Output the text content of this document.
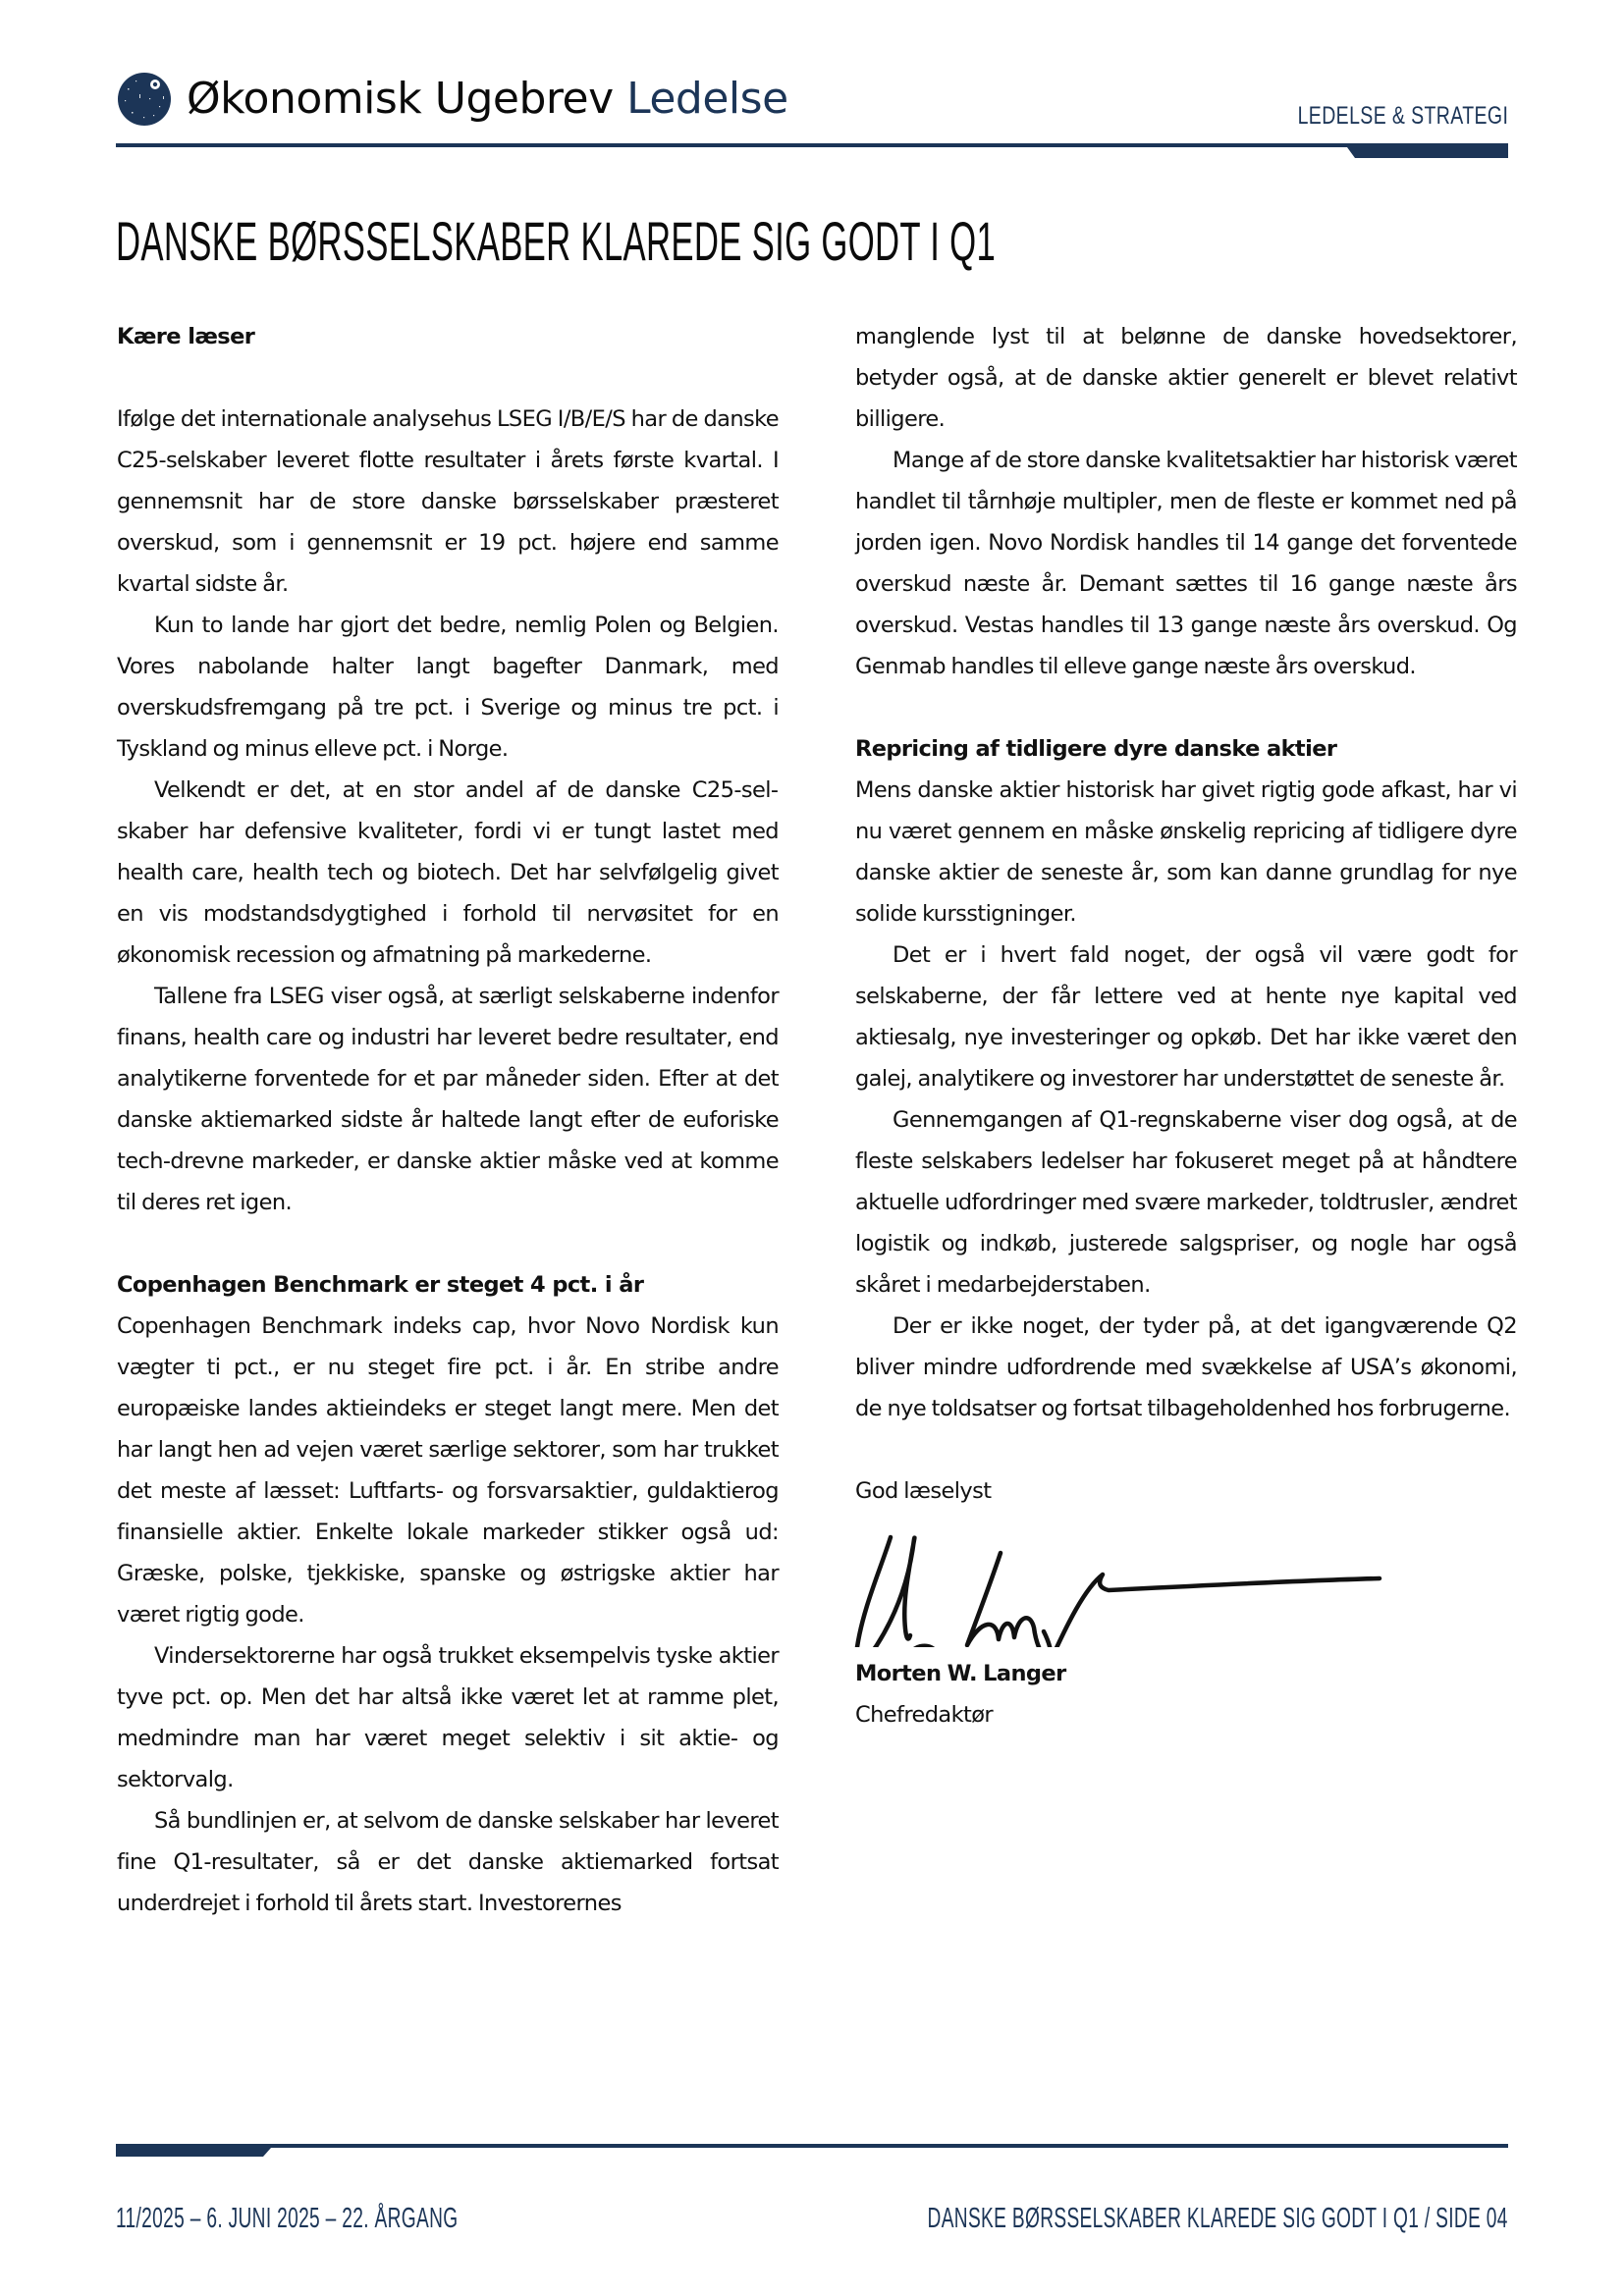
Økonomisk Ugebrev Ledelse	LEDELSE & STRATEGI
DANSKE BØRSSELSKABER KLAREDE SIG GODT I Q1
Kære læser

Ifølge det internationale analysehus LSEG I/B/E/S har de danske C25-selskaber leveret flotte resultater i årets første kvartal. I gennemsnit har de store danske børsselskaber præsteret overskud, som i gennemsnit er 19 pct. højere end samme kvartal sidste år.

Kun to lande har gjort det bedre, nemlig Polen og Belgien. Vores nabolande halter langt bagefter Danmark, med overskudsfremgang på tre pct. i Sverige og minus tre pct. i Tyskland og minus elleve pct. i Norge.

Velkendt er det, at en stor andel af de danske C25-selskaber har defensive kvaliteter, fordi vi er tungt lastet med health care, health tech og biotech. Det har selvfølgelig givet en vis modstandsdygtighed i forhold til nervøsitet for en økonomisk recession og afmatning på markederne.

Tallene fra LSEG viser også, at særligt selskaberne indenfor finans, health care og industri har leveret bedre resultater, end analytikerne forventede for et par måneder siden. Efter at det danske aktiemarked sidste år haltede langt efter de euforiske tech-drevne markeder, er danske aktier måske ved at komme til deres ret igen.

Copenhagen Benchmark er steget 4 pct. i år

Copenhagen Benchmark indeks cap, hvor Novo Nordisk kun vægter ti pct., er nu steget fire pct. i år. En stribe andre europæiske landes aktieindeks er steget langt mere. Men det har langt hen ad vejen været særlige sektorer, som har trukket det meste af læsset: Luftfarts- og forsvarsaktier, guldaktierog finansielle aktier. Enkelte lokale markeder stikker også ud: Græske, polske, tjekkiske, spanske og østrigske aktier har været rigtig gode.

Vindersektorerne har også trukket eksempelvis tyske aktier tyve pct. op. Men det har altså ikke været let at ramme plet, medmindre man har været meget selektiv i sit aktie- og sektorvalg.

Så bundlinjen er, at selvom de danske selskaber har leveret fine Q1-resultater, så er det danske aktiemarked fortsat underdrejet i forhold til årets start. Investorernes

manglende lyst til at belønne de danske hovedsektorer, betyder også, at de danske aktier generelt er blevet relativt billigere.

Mange af de store danske kvalitetsaktier har historisk været handlet til tårnhøje multipler, men de fleste er kommet ned på jorden igen. Novo Nordisk handles til 14 gange det forventede overskud næste år. Demant sættes til 16 gange næste års overskud. Vestas handles til 13 gange næste års overskud. Og Genmab handles til elleve gange næste års overskud.

Repricing af tidligere dyre danske aktier

Mens danske aktier historisk har givet rigtig gode afkast, har vi nu været gennem en måske ønskelig repricing af tidligere dyre danske aktier de seneste år, som kan danne grundlag for nye solide kursstigninger.

Det er i hvert fald noget, der også vil være godt for selskaberne, der får lettere ved at hente nye kapital ved aktiesalg, nye investeringer og opkøb. Det har ikke været den galej, analytikere og investorer har understøttet de seneste år.

Gennemgangen af Q1-regnskaberne viser dog også, at de fleste selskabers ledelser har fokuseret meget på at håndtere aktuelle udfordringer med svære markeder, toldtrusler, ændret logistik og indkøb, justerede salgspriser, og nogle har også skåret i medarbejderstaben.

Der er ikke noget, der tyder på, at det igangværende Q2 bliver mindre udfordrende med svækkelse af USA’s økonomi, de nye toldsatser og fortsat tilbageholdenhed hos forbrugerne.

God læselyst

Morten W. Langer

Chefredaktør

11/2025 – 6. JUNI 2025 – 22. ÅRGANG	DANSKE BØRSSELSKABER KLAREDE SIG GODT I Q1 / SIDE 04
